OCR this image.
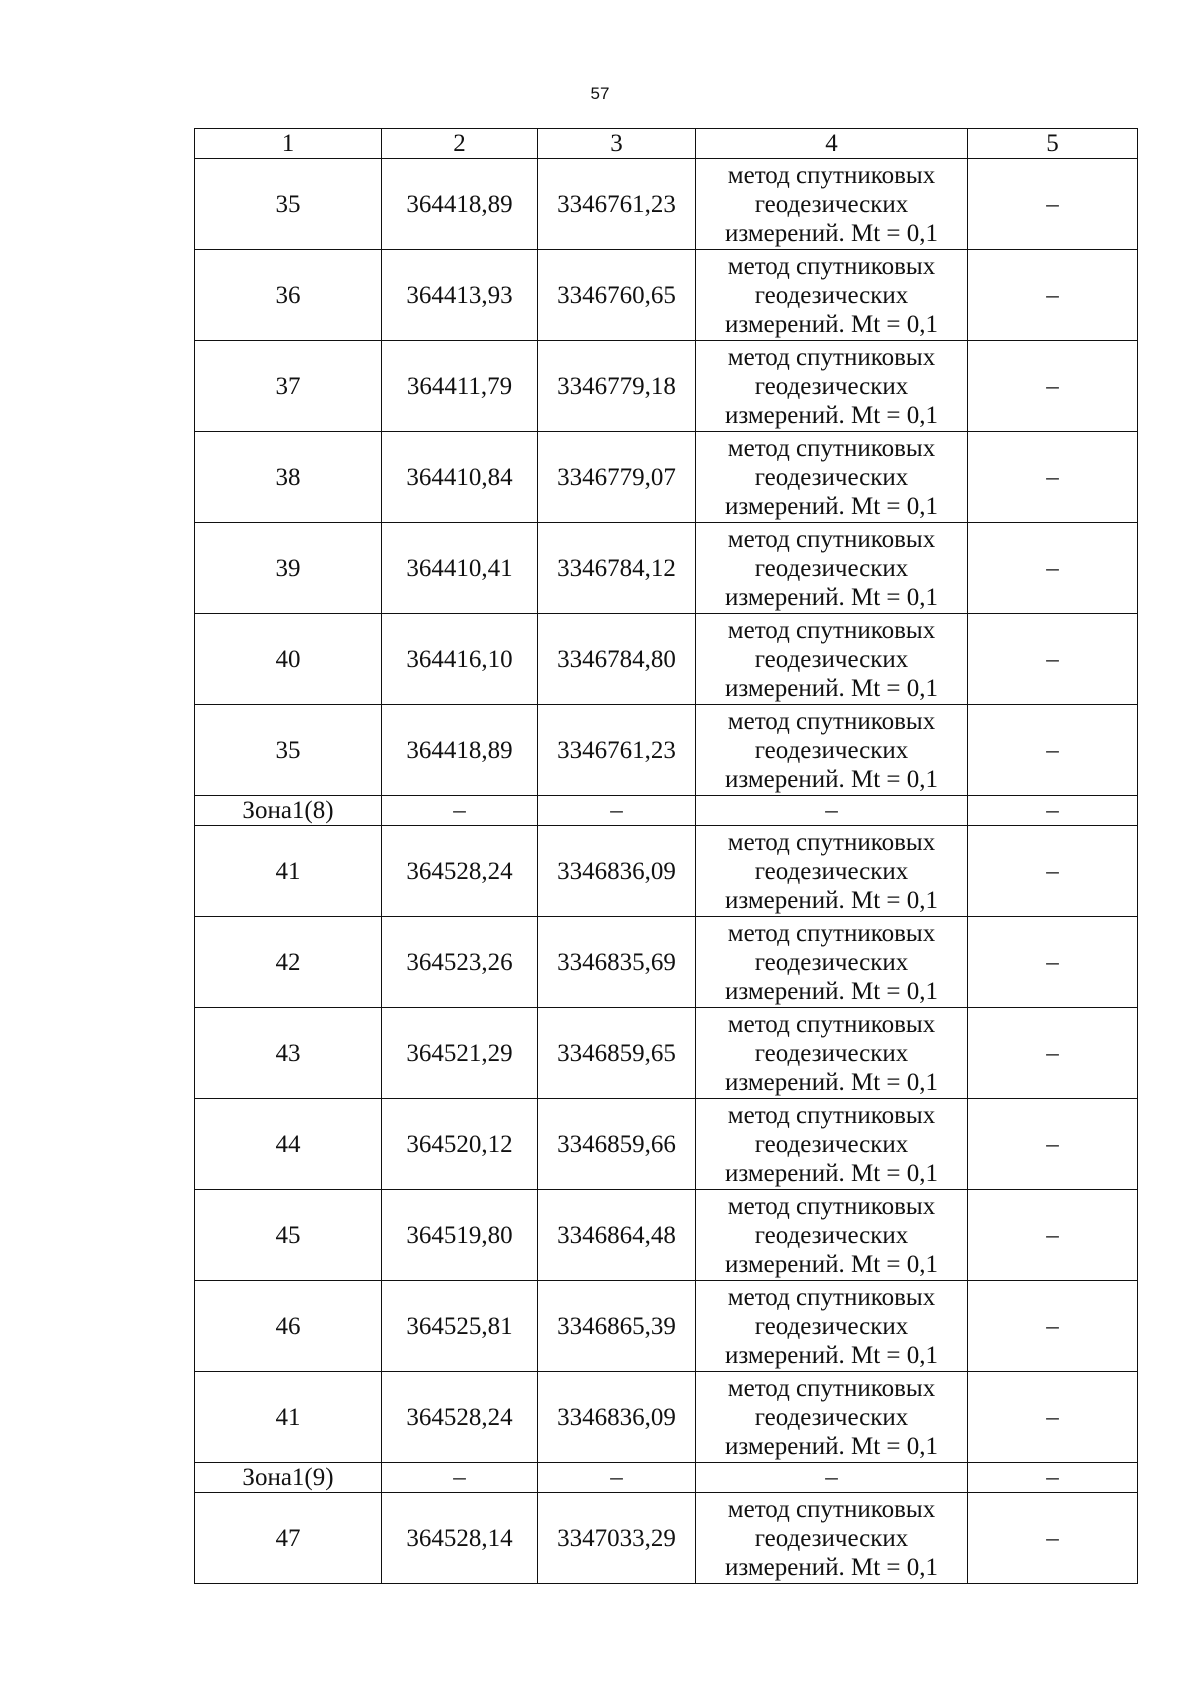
57
1	2	3	4	5
35	364418,89	3346761,23	метод спутниковых
геодезических
измерений. Mt = 0,1	–
36	364413,93	3346760,65	метод спутниковых
геодезических
измерений. Mt = 0,1	–
37	364411,79	3346779,18	метод спутниковых
геодезических
измерений. Mt = 0,1	–
38	364410,84	3346779,07	метод спутниковых
геодезических
измерений. Mt = 0,1	–
39	364410,41	3346784,12	метод спутниковых
геодезических
измерений. Mt = 0,1	–
40	364416,10	3346784,80	метод спутниковых
геодезических
измерений. Mt = 0,1	–
35	364418,89	3346761,23	метод спутниковых
геодезических
измерений. Mt = 0,1	–
Зона1(8)	–	–	–	–
41	364528,24	3346836,09	метод спутниковых
геодезических
измерений. Mt = 0,1	–
42	364523,26	3346835,69	метод спутниковых
геодезических
измерений. Mt = 0,1	–
43	364521,29	3346859,65	метод спутниковых
геодезических
измерений. Mt = 0,1	–
44	364520,12	3346859,66	метод спутниковых
геодезических
измерений. Mt = 0,1	–
45	364519,80	3346864,48	метод спутниковых
геодезических
измерений. Mt = 0,1	–
46	364525,81	3346865,39	метод спутниковых
геодезических
измерений. Mt = 0,1	–
41	364528,24	3346836,09	метод спутниковых
геодезических
измерений. Mt = 0,1	–
Зона1(9)	–	–	–	–
47	364528,14	3347033,29	метод спутниковых
геодезических
измерений. Mt = 0,1	–
